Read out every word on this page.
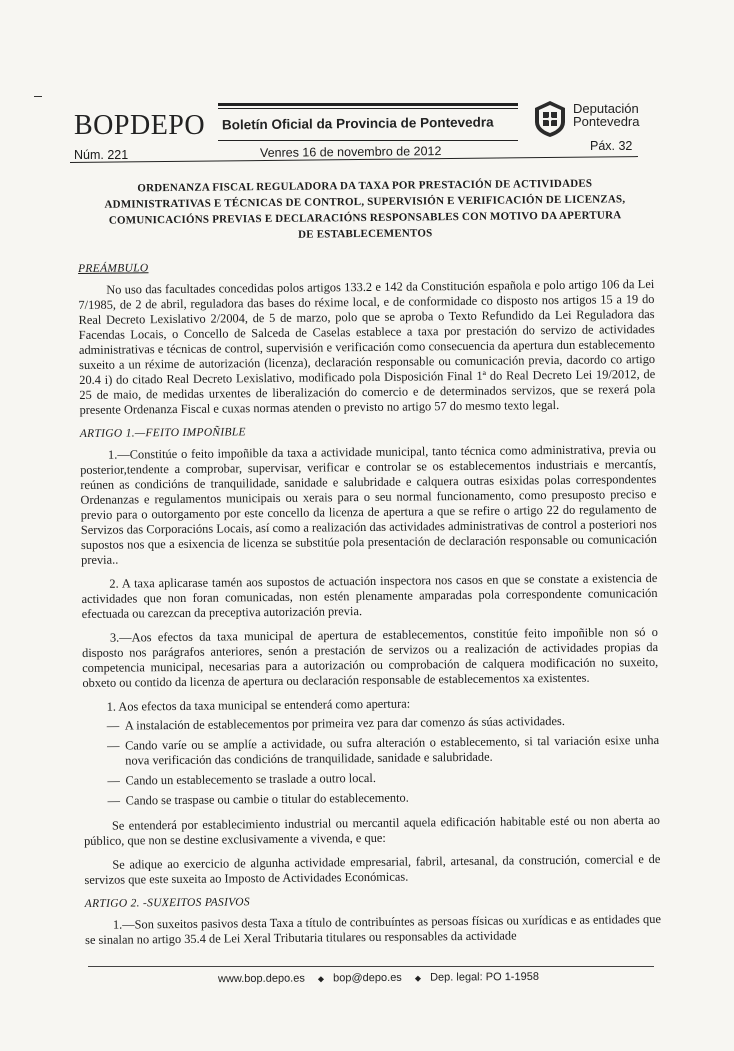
BOPDEPO Boletín Oficial da Provincia de Pontevedra
Deputación
Pontevedra
Núm. 221	Venres 16 de novembro de 2012	Páx. 32
ORDENANZA FISCAL REGULADORA DA TAXA POR PRESTACIÓN DE ACTIVIDADES
ADMINISTRATIVAS E TÉCNICAS DE CONTROL, SUPERVISIÓN E VERIFICACIÓN DE LICENZAS,
COMUNICACIÓNS PREVIAS E DECLARACIÓNS RESPONSABLES CON MOTIVO DA APERTURA
DE ESTABLECEMENTOS
PREÁMBULO

No uso das facultades concedidas polos artigos 133.2 e 142 da Constitución española e polo artigo 106 da Lei 7/1985, de 2 de abril, reguladora das bases do réxime local, e de conformidade co disposto nos artigos 15 a 19 do Real Decreto Lexislativo 2/2004, de 5 de marzo, polo que se aproba o Texto Refundido da Lei Reguladora das Facendas Locais, o Concello de Salceda de Caselas establece a taxa por prestación do servizo de actividades administrativas e técnicas de control, supervisión e verificación como consecuencia da apertura dun establecemento suxeito a un réxime de autorización (licenza), declaración responsable ou comunicación previa, dacordo co artigo 20.4 i) do citado Real Decreto Lexislativo, modificado pola Disposición Final 1ª do Real Decreto Lei 19/2012, de 25 de maio, de medidas urxentes de liberalización do comercio e de determinados servizos, que se rexerá pola presente Ordenanza Fiscal e cuxas normas atenden o previsto no artigo 57 do mesmo texto legal.

ARTIGO 1.—FEITO IMPOÑIBLE

1.—Constitúe o feito impoñible da taxa a actividade municipal, tanto técnica como administrativa, previa ou posterior,tendente a comprobar, supervisar, verificar e controlar se os establecementos industriais e mercantís, reúnen as condicións de tranquilidade, sanidade e salubridade e calquera outras esixidas polas correspondentes Ordenanzas e regulamentos municipais ou xerais para o seu normal funcionamento, como presuposto preciso e previo para o outorgamento por este concello da licenza de apertura a que se refire o artigo 22 do regulamento de Servizos das Corporacións Locais, así como a realización das actividades administrativas de control a posteriori nos supostos nos que a esixencia de licenza se substitúe pola presentación de declaración responsable ou comunicación previa..

2. A taxa aplicarase tamén aos supostos de actuación inspectora nos casos en que se constate a existencia de actividades que non foran comunicadas, non estén plenamente amparadas pola correspondente comunicación efectuada ou carezcan da preceptiva autorización previa.

3.—Aos efectos da taxa municipal de apertura de establecementos, constitúe feito impoñible non só o disposto nos parágrafos anteriores, senón a prestación de servizos ou a realización de actividades propias da competencia municipal, necesarias para a autorización ou comprobación de calquera modificación no suxeito, obxeto ou contido da licenza de apertura ou declaración responsable de establecementos xa existentes.

1. Aos efectos da taxa municipal se entenderá como apertura:
— A instalación de establecementos por primeira vez para dar comenzo ás súas actividades.
— Cando varíe ou se amplíe a actividade, ou sufra alteración o establecemento, si tal variación esixe unha nova verificación das condicións de tranquilidade, sanidade e salubridade.
— Cando un establecemento se traslade a outro local.
— Cando se traspase ou cambie o titular do establecemento.

Se entenderá por establecimiento industrial ou mercantil aquela edificación habitable esté ou non aberta ao público, que non se destine exclusivamente a vivenda, e que:

Se adique ao exercicio de algunha actividade empresarial, fabril, artesanal, da construción, comercial e de servizos que este suxeita ao Imposto de Actividades Económicas.

ARTIGO 2. -SUXEITOS PASIVOS

1.—Son suxeitos pasivos desta Taxa a título de contribuíntes as persoas físicas ou xurídicas e as entidades que se sinalan no artigo 35.4 de Lei Xeral Tributaria titulares ou responsables da actividade

www.bop.depo.es ◆ bop@depo.es ◆ Dep. legal: PO 1-1958
